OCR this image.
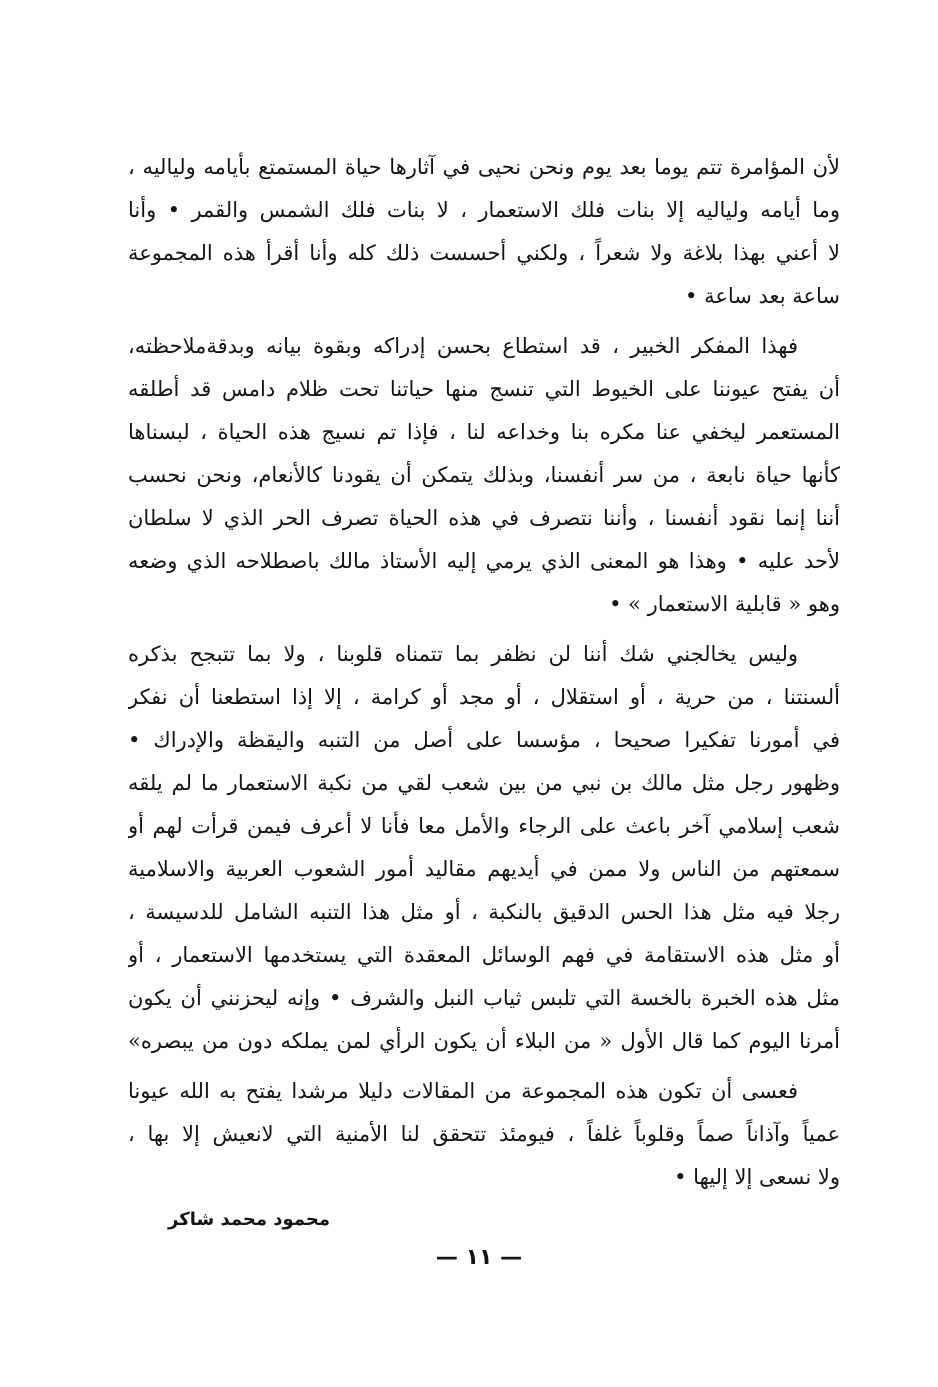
لأن المؤامرة تتم يوما بعد يوم ونحن نحيى في آثارها حياة المستمتع بأيامه ولياليه ،
وما أيامه ولياليه إلا بنات فلك الاستعمار ، لا بنات فلك الشمس والقمر • وأنا
لا أعني بهذا بلاغة ولا شعراً ، ولكني أحسست ذلك كله وأنا أقرأ هذه المجموعة
ساعة بعد ساعة •
فهذا المفكر الخبير ، قد استطاع بحسن إدراكه وبقوة بيانه وبدقةملاحظته،
أن يفتح عيوننا على الخيوط التي تنسج منها حياتنا تحت ظلام دامس قد أطلقه
المستعمر ليخفي عنا مكره بنا وخداعه لنا ، فإذا تم نسيج هذه الحياة ، لبسناها
كأنها حياة نابعة ، من سر أنفسنا، وبذلك يتمكن أن يقودنا كالأنعام، ونحن نحسب
أننا إنما نقود أنفسنا ، وأننا نتصرف في هذه الحياة تصرف الحر الذي لا سلطان
لأحد عليه • وهذا هو المعنى الذي يرمي إليه الأستاذ مالك باصطلاحه الذي وضعه
وهو « قابلية الاستعمار » •
وليس يخالجني شك أننا لن نظفر بما تتمناه قلوبنا ، ولا بما تتبجح بذكره
ألسنتنا ، من حرية ، أو استقلال ، أو مجد أو كرامة ، إلا إذا استطعنا أن نفكر
في أمورنا تفكيرا صحيحا ، مؤسسا على أصل من التنبه واليقظة والإدراك •
وظهور رجل مثل مالك بن نبي من بين شعب لقي من نكبة الاستعمار ما لم يلقه
شعب إسلامي آخر باعث على الرجاء والأمل معا فأنا لا أعرف فيمن قرأت لهم أو
سمعتهم من الناس ولا ممن في أيديهم مقاليد أمور الشعوب العربية والاسلامية
رجلا فيه مثل هذا الحس الدقيق بالنكبة ، أو مثل هذا التنبه الشامل للدسيسة ،
أو مثل هذه الاستقامة في فهم الوسائل المعقدة التي يستخدمها الاستعمار ، أو
مثل هذه الخبرة بالخسة التي تلبس ثياب النبل والشرف • وإنه ليحزنني أن يكون
أمرنا اليوم كما قال الأول « من البلاء أن يكون الرأي لمن يملكه دون من يبصره»
فعسى أن تكون هذه المجموعة من المقالات دليلا مرشدا يفتح به الله عيونا
عمياً وآذاناً صماً وقلوباً غلفاً ، فيومئذ تتحقق لنا الأمنية التي لانعيش إلا بها ،
ولا نسعى إلا إليها •
محمود محمد شاكر
— ١١ —
